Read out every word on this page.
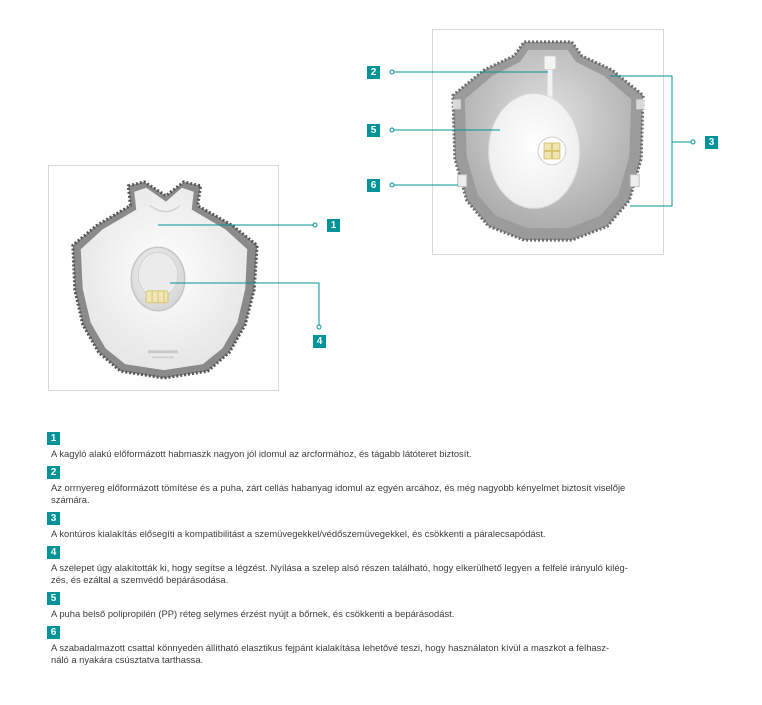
1
4
2
5
6
3
1

A kagyló alakú előformázott habmaszk nagyon jól idomul az arcformához, és tágabb látóteret biztosít.

2

Az orrnyereg előformázott tömítése és a puha, zárt cellás habanyag idomul az egyén arcához, és még nagyobb kényelmet biztosít viselője
számára.

3

A kontúros kialakítás elősegíti a kompatibilitást a szemüvegekkel/védőszemüvegekkel, és csökkenti a páralecsapódást.

4

A szelepet úgy alakították ki, hogy segítse a légzést. Nyílása a szelep alsó részen található, hogy elkerülhető legyen a felfelé irányuló kilég-
zés, és ezáltal a szemvédő bepárásodása.

5

A puha belső polipropilén (PP) réteg selymes érzést nyújt a bőrnek, és csökkenti a bepárásodást.

6

A szabadalmazott csattal könnyedén állítható elasztikus fejpánt kialakítása lehetővé teszi, hogy használaton kívül a maszkot a felhasz-
náló a nyakára csúsztatva tarthassa.
